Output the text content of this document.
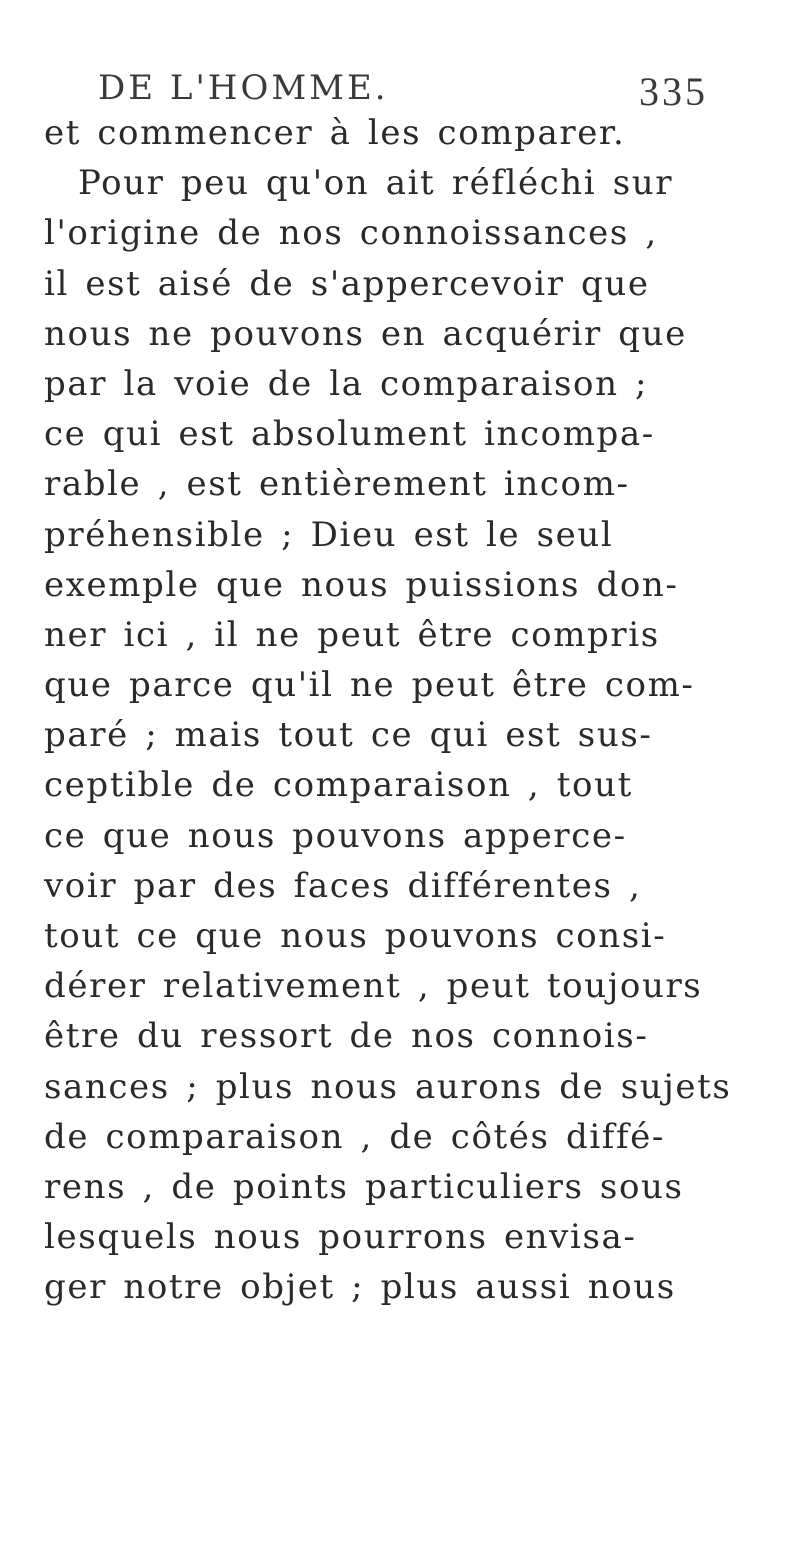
DE L'HOMME.	335
et commencer à les comparer.
Pour peu qu'on ait réfléchi sur
l'origine de nos connoissances ,
il est aisé de s'appercevoir que
nous ne pouvons en acquérir que
par la voie de la comparaison ;
ce qui est absolument incompa-
rable , est entièrement incom-
préhensible ; Dieu est le seul
exemple que nous puissions don-
ner ici , il ne peut être compris
que parce qu'il ne peut être com-
paré ; mais tout ce qui est sus-
ceptible de comparaison , tout
ce que nous pouvons apperce-
voir par des faces différentes ,
tout ce que nous pouvons consi-
dérer relativement , peut toujours
être du ressort de nos connois-
sances ; plus nous aurons de sujets
de comparaison , de côtés diffé-
rens , de points particuliers sous
lesquels nous pourrons envisa-
ger notre objet ; plus aussi nous
